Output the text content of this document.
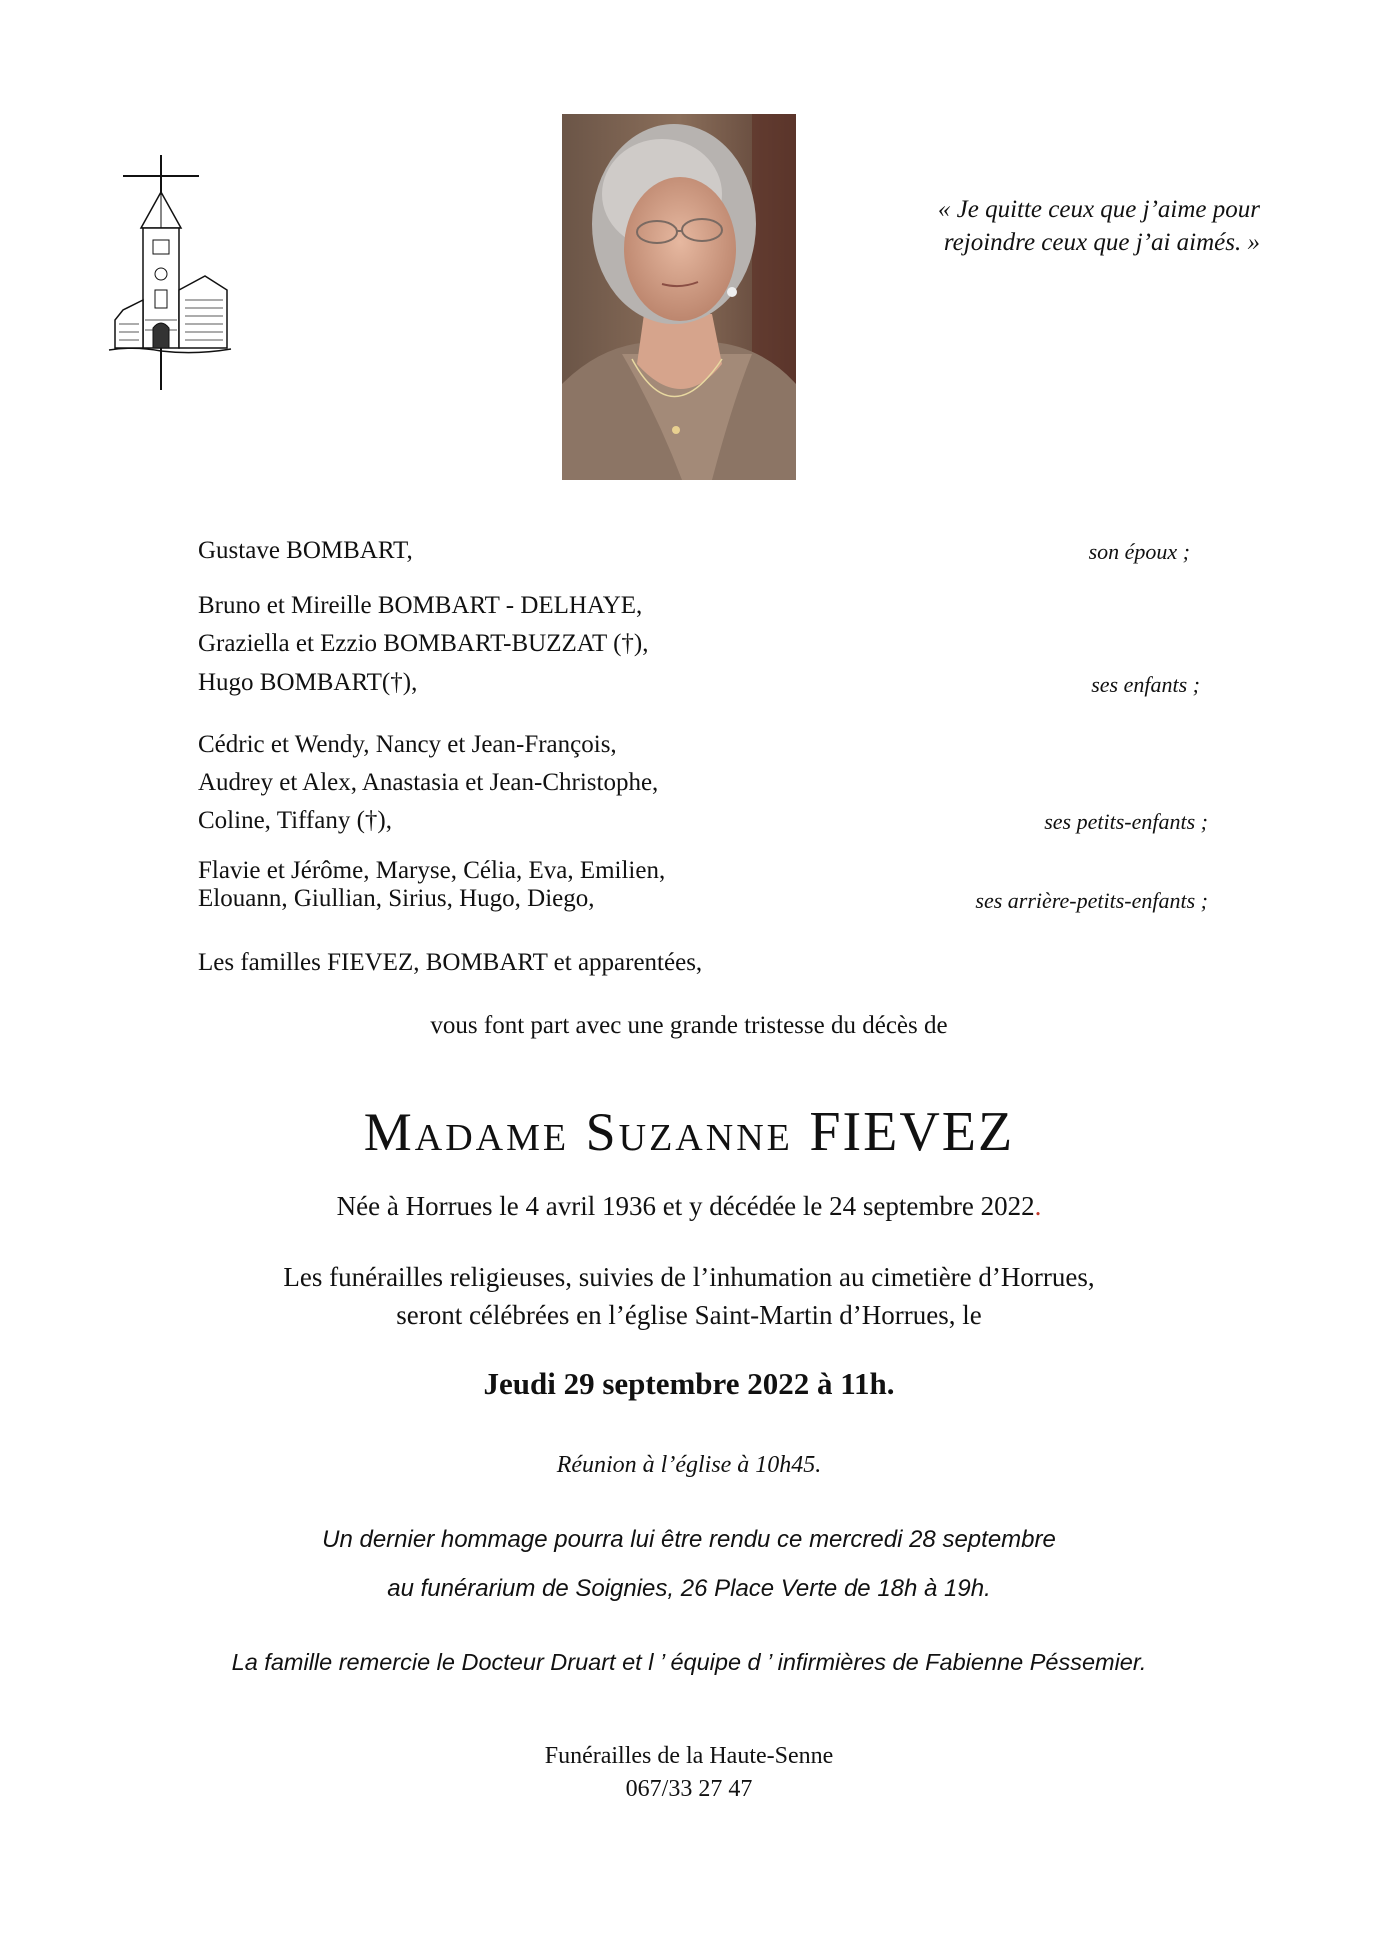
« Je quitte ceux que j’aime pour
rejoindre ceux que j’ai aimés. »
Gustave BOMBART,	son époux ;
Bruno et Mireille BOMBART - DELHAYE,
Graziella et Ezzio BOMBART-BUZZAT (†),
Hugo BOMBART(†),	ses enfants ;
Cédric et Wendy, Nancy et Jean-François,
Audrey et Alex, Anastasia et Jean-Christophe,
Coline, Tiffany (†),	ses petits-enfants ;
Flavie et Jérôme, Maryse, Célia, Eva, Emilien,
Elouann, Giullian, Sirius, Hugo, Diego,	ses arrière-petits-enfants ;
Les familles FIEVEZ, BOMBART et apparentées,
vous font part avec une grande tristesse du décès de
Madame Suzanne FIEVEZ
Née à Horrues le 4 avril 1936 et y décédée le 24 septembre 2022.
Les funérailles religieuses, suivies de l’inhumation au cimetière d’Horrues,
seront célébrées en l’église Saint-Martin d’Horrues, le
Jeudi 29 septembre 2022 à 11h.
Réunion à l’église à 10h45.
Un dernier hommage pourra lui être rendu ce mercredi 28 septembre
au funérarium de Soignies, 26 Place Verte de 18h à 19h.
La famille remercie le Docteur Druart et l ’ équipe d ’ infirmières de Fabienne Péssemier.
Funérailles de la Haute-Senne
067/33 27 47
